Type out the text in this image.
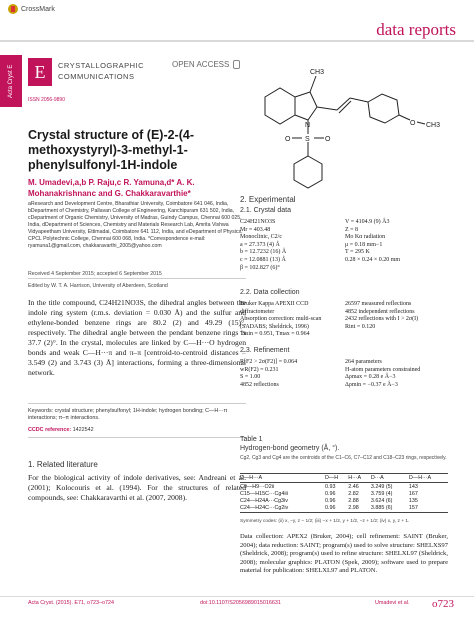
CrossMark
data reports
Acta Cryst E	E	CRYSTALLOGRAPHIC
COMMUNICATIONS
OPEN ACCESS
ISSN 2056-9890
Crystal structure of (E)-2-(4-methoxystyryl)-3-methyl-1-phenylsulfonyl-1H-indole
M. Umadevi,a,b P. Raju,c R. Yamuna,d* A. K. Mohanakrishnanc and G. Chakkaravarthie*
aResearch and Development Centre, Bharathiar University, Coimbatore 641 046, India, bDepartment of Chemistry, Pallavan College of Engineering, Kanchipuram 631 502, India, cDepartment of Organic Chemistry, University of Madras, Guindy Campus, Chennai 600 025, India, dDepartment of Sciences, Chemistry and Materials Research Lab, Amrita Vishwa Vidyapeetham University, Ettimadai, Coimbatore 641 112, India, and eDepartment of Physics, CPCL Polytechnic College, Chennai 600 068, India. *Correspondence e-mail: ryamuna1@gmail.com, chakkaravarthi_2005@yahoo.com
Received 4 September 2015; accepted 6 September 2015
Edited by W. T. A. Harrison, University of Aberdeen, Scotland
In the title compound, C24H21NO3S, the dihedral angles between the indole ring system (r.m.s. deviation = 0.030 Å) and the sulfur and ethylene-bonded benzene rings are 80.2 (2) and 49.29 (15)°, respectively. The dihedral angle between the pendant benzene rings is 37.7 (2)°. In the crystal, molecules are linked by C—H···O hydrogen bonds and weak C—H···π and π–π [centroid-to-centroid distances = 3.549 (2) and 3.743 (3) Å] interactions, forming a three-dimensional network.
Keywords: crystal structure; phenylsulfonyl; 1H-indole; hydrogen bonding; C—H···π interactions; π–π interactions.
CCDC reference: 1422542
1. Related literature
For the biological activity of indole derivatives, see: Andreani et al. (2001); Kolocouris et al. (1994). For the structures of related compounds, see: Chakkaravarthi et al. (2007, 2008).
CH3
N
S
O	O
O CH3
2. Experimental
2.1. Crystal data
C24H21NO3S
Mr = 403.48
Monoclinic, C2/c
a = 27.373 (4) Å
b = 12.7232 (16) Å
c = 12.0881 (13) Å
β = 102.827 (6)°
V = 4104.9 (9) Å3
Z = 8
Mo Kα radiation
μ = 0.18 mm−1
T = 295 K
0.28 × 0.24 × 0.20 mm
2.2. Data collection
Bruker Kappa APEXII CCD
diffractometer
Absorption correction: multi-scan
(SADABS; Sheldrick, 1996)
Tmin = 0.951, Tmax = 0.964
26597 measured reflections
4852 independent reflections
2432 reflections with I > 2σ(I)
Rint = 0.120
2.3. Refinement
R[F2 > 2σ(F2)] = 0.064
wR(F2) = 0.231
S = 1.00
4852 reflections
264 parameters
H-atom parameters constrained
Δρmax = 0.28 e Å−3
Δρmin = −0.37 e Å−3
Table 1
Hydrogen-bond geometry (Å, °).
Cg2, Cg3 and Cg4 are the centroids of the C1–C6, C7–C12 and C18–C23 rings, respectively.
D—H···A	D—H	H···A	D···A	D—H···A
C9—H9···O2ii	0.93	2.46	3.249 (5)	143
C15—H15C···Cg4iii	0.96	2.82	3.759 (4)	167
C24—H24A···Cg3iv	0.96	2.88	3.624 (6)	135
C24—H24C···Cg2iv	0.96	2.98	3.885 (6)	157
Symmetry codes: (ii) x, −y, z − 1/2; (iii) −x + 1/2, y + 1/2, −z + 1/2; (iv) x, y, z + 1.
Data collection: APEX2 (Bruker, 2004); cell refinement: SAINT (Bruker, 2004); data reduction: SAINT; program(s) used to solve structure: SHELXS97 (Sheldrick, 2008); program(s) used to refine structure: SHELXL97 (Sheldrick, 2008); molecular graphics: PLATON (Spek, 2009); software used to prepare material for publication: SHELXL97 and PLATON.
Acta Cryst. (2015). E71, o723–o724	doi:10.1107/S2056989015016631	Umadevi et al. o723
